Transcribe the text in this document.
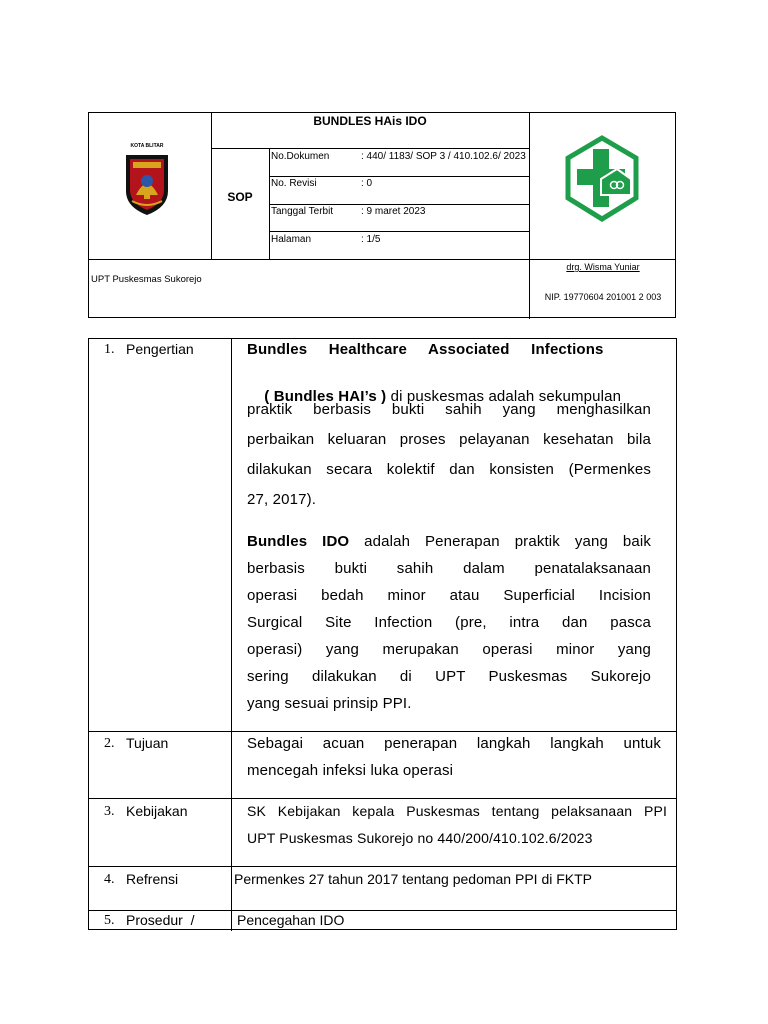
KOTA BLITAR
BUNDLES HAis IDO
SOP
No.Dokumen	: 440/ 1183/ SOP 3 / 410.102.6/ 2023
No. Revisi	: 0
Tanggal Terbit	: 9 maret 2023
Halaman	: 1/5
UPT Puskesmas Sukorejo
drg. Wisma Yuniar
NIP. 19770604 201001 2 003
1. Pengertian	Bundles     Healthcare     Associated     Infections

( Bundles HAI’s ) di puskesmas adalah sekumpulan

praktik berbasis bukti sahih yang menghasilkan
perbaikan keluaran proses pelayanan kesehatan bila
dilakukan secara kolektif dan konsisten (Permenkes
27, 2017).
Bundles IDO adalah Penerapan praktik yang baik
berbasis bukti sahih dalam penatalaksanaan
operasi bedah minor atau Superficial Incision
Surgical Site Infection (pre, intra dan pasca
operasi) yang merupakan operasi minor yang
sering dilakukan di UPT Puskesmas Sukorejo
yang sesuai prinsip PPI.
2. Tujuan	Sebagai acuan penerapan langkah langkah untuk
mencegah infeksi luka operasi
3. Kebijakan	SK Kebijakan kepala Puskesmas tentang pelaksanaan PPI
UPT Puskesmas Sukorejo no 440/200/410.102.6/2023
4. Refrensi	Permenkes 27 tahun 2017 tentang pedoman PPI di FKTP
5. Prosedur  /	Pencegahan IDO
